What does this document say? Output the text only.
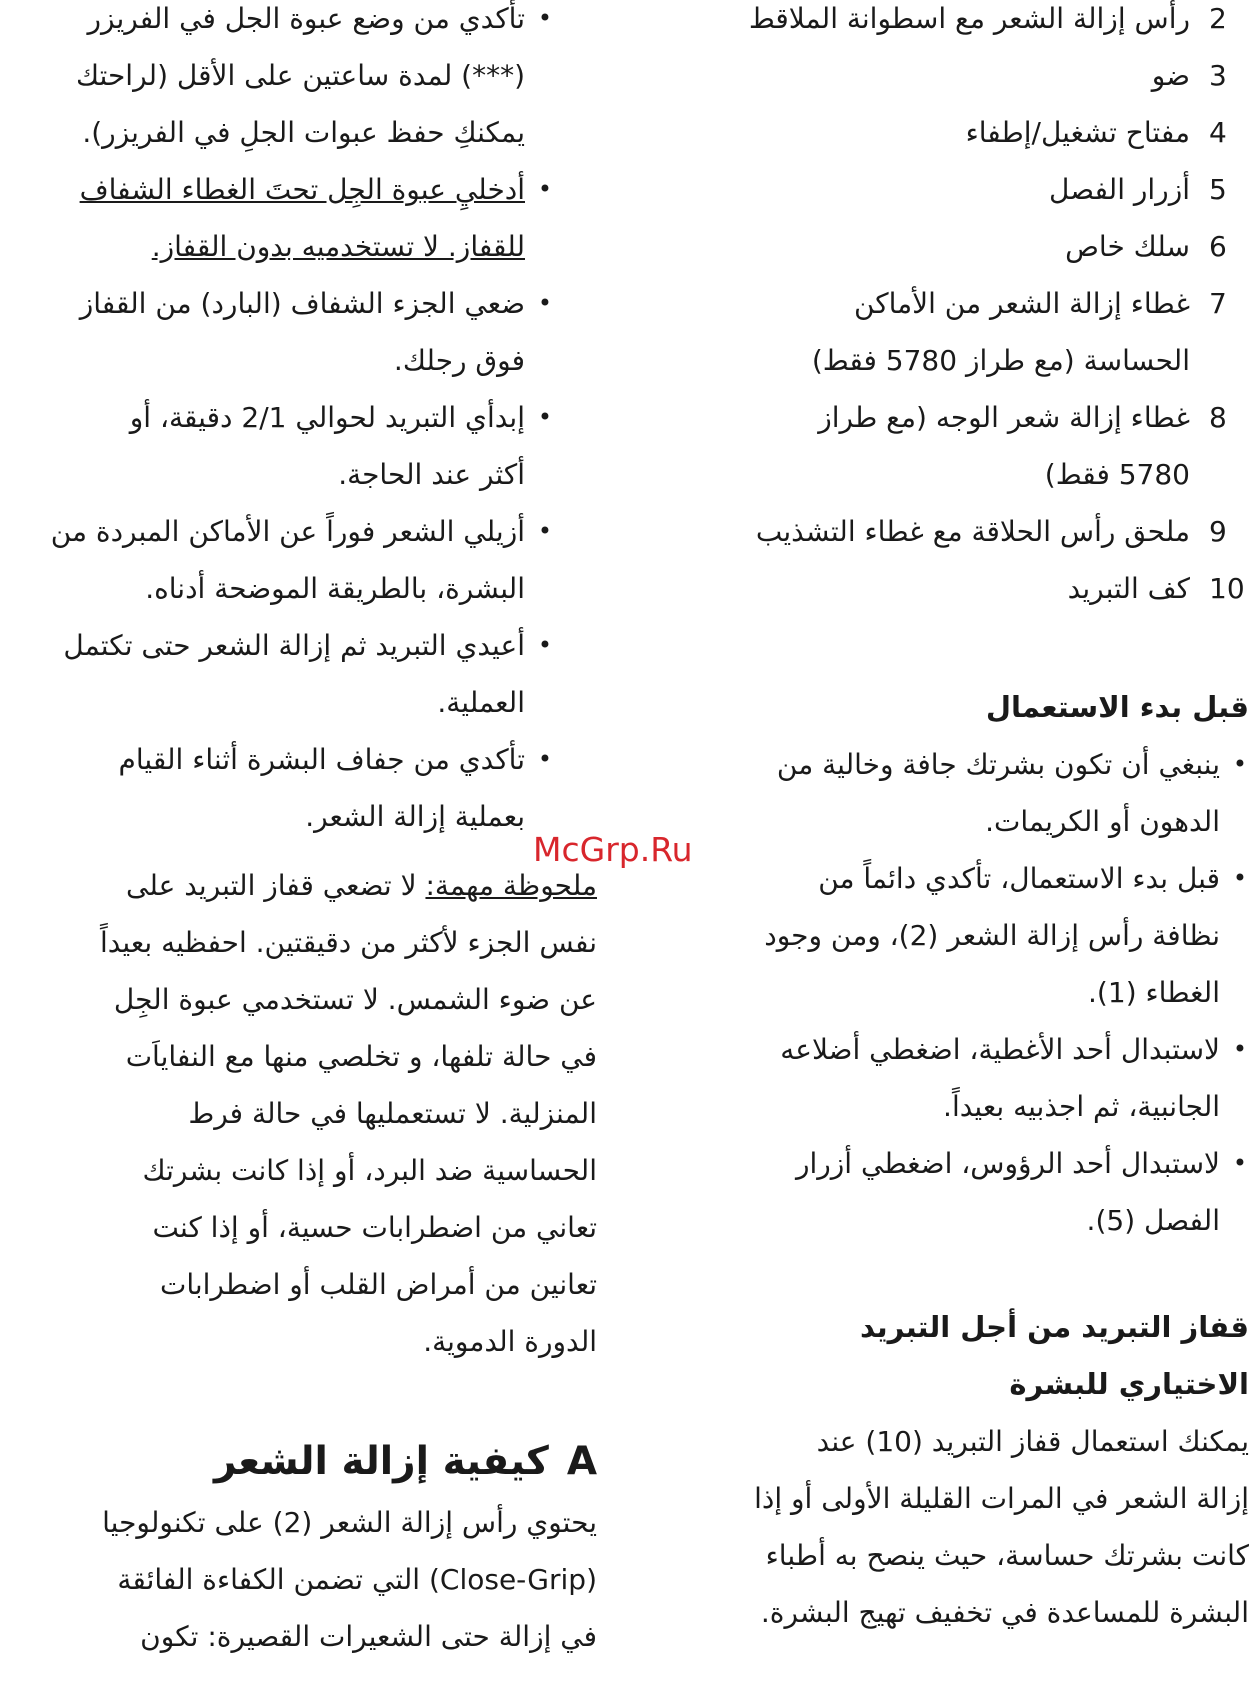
2
رأس إزالة الشعر مع اسطوانة الملاقط
3
ضو
4
مفتاح تشغيل/إطفاء
5
أزرار الفصل
6
سلك خاص
7
غطاء إزالة الشعر من الأماكن
الحساسة (مع طراز 5780 فقط)
8
غطاء إزالة شعر الوجه (مع طراز
5780 فقط)
9
ملحق رأس الحلاقة مع غطاء التشذيب
10
كف التبريد
قبل بدء الاستعمال
• ينبغي أن تكون بشرتك جافة وخالية من
الدهون أو الكريمات.
• قبل بدء الاستعمال، تأكدي دائماً من
نظافة رأس إزالة الشعر (2)، ومن وجود
الغطاء (1).
• لاستبدال أحد الأغطية، اضغطي أضلاعه
الجانبية، ثم اجذبيه بعيداً.
• لاستبدال أحد الرؤوس، اضغطي أزرار
الفصل (5).
قفاز التبريد من أجل التبريد
الاختياري للبشرة
يمكنك استعمال قفاز التبريد (10) عند
إزالة الشعر في المرات القليلة الأولى أو إذا
كانت بشرتك حساسة، حيث ينصح به أطباء
البشرة للمساعدة في تخفيف تهيج البشرة.
• تأكدي من وضع عبوة الجل في الفريزر
(***) لمدة ساعتين على الأقل (لراحتك
يمكنكِ حفظ عبوات الجلِ في الفريزر).
• أدخليِ عبوة الجِل تحتَ الغطاء الشفاف
للقفاز. لا تستخدميه بدون القفاز.
• ضعي الجزء الشفاف (البارد) من القفاز
فوق رجلك.
• إبدأي التبريد لحوالي 2/1 دقيقة، أو
أكثر عند الحاجة.
• أزيلي الشعر فوراً عن الأماكن المبردة من
البشرة، بالطريقة الموضحة أدناه.
• أعيدي التبريد ثم إزالة الشعر حتى تكتمل
العملية.
• تأكدي من جفاف البشرة أثناء القيام
بعملية إزالة الشعر.
ملحوظة مهمة: لا تضعي قفاز التبريد على
نفس الجزء لأكثر من دقيقتين. احفظيه بعيداً
عن ضوء الشمس. لا تستخدمي عبوة الجِل
في حالة تلفها، و تخلصي منها مع النفاياَت
المنزلية. لا تستعمليها في حالة فرط
الحساسية ضد البرد، أو إذا كانت بشرتك
تعاني من اضطرابات حسية، أو إذا كنت
تعانين من أمراض القلب أو اضطرابات
الدورة الدموية.
Aكيفية إزالة الشعر
يحتوي رأس إزالة الشعر (2) على تكنولوجيا
(Close-Grip) التي تضمن الكفاءة الفائقة
في إزالة حتى الشعيرات القصيرة: تكون
McGrp.Ru
